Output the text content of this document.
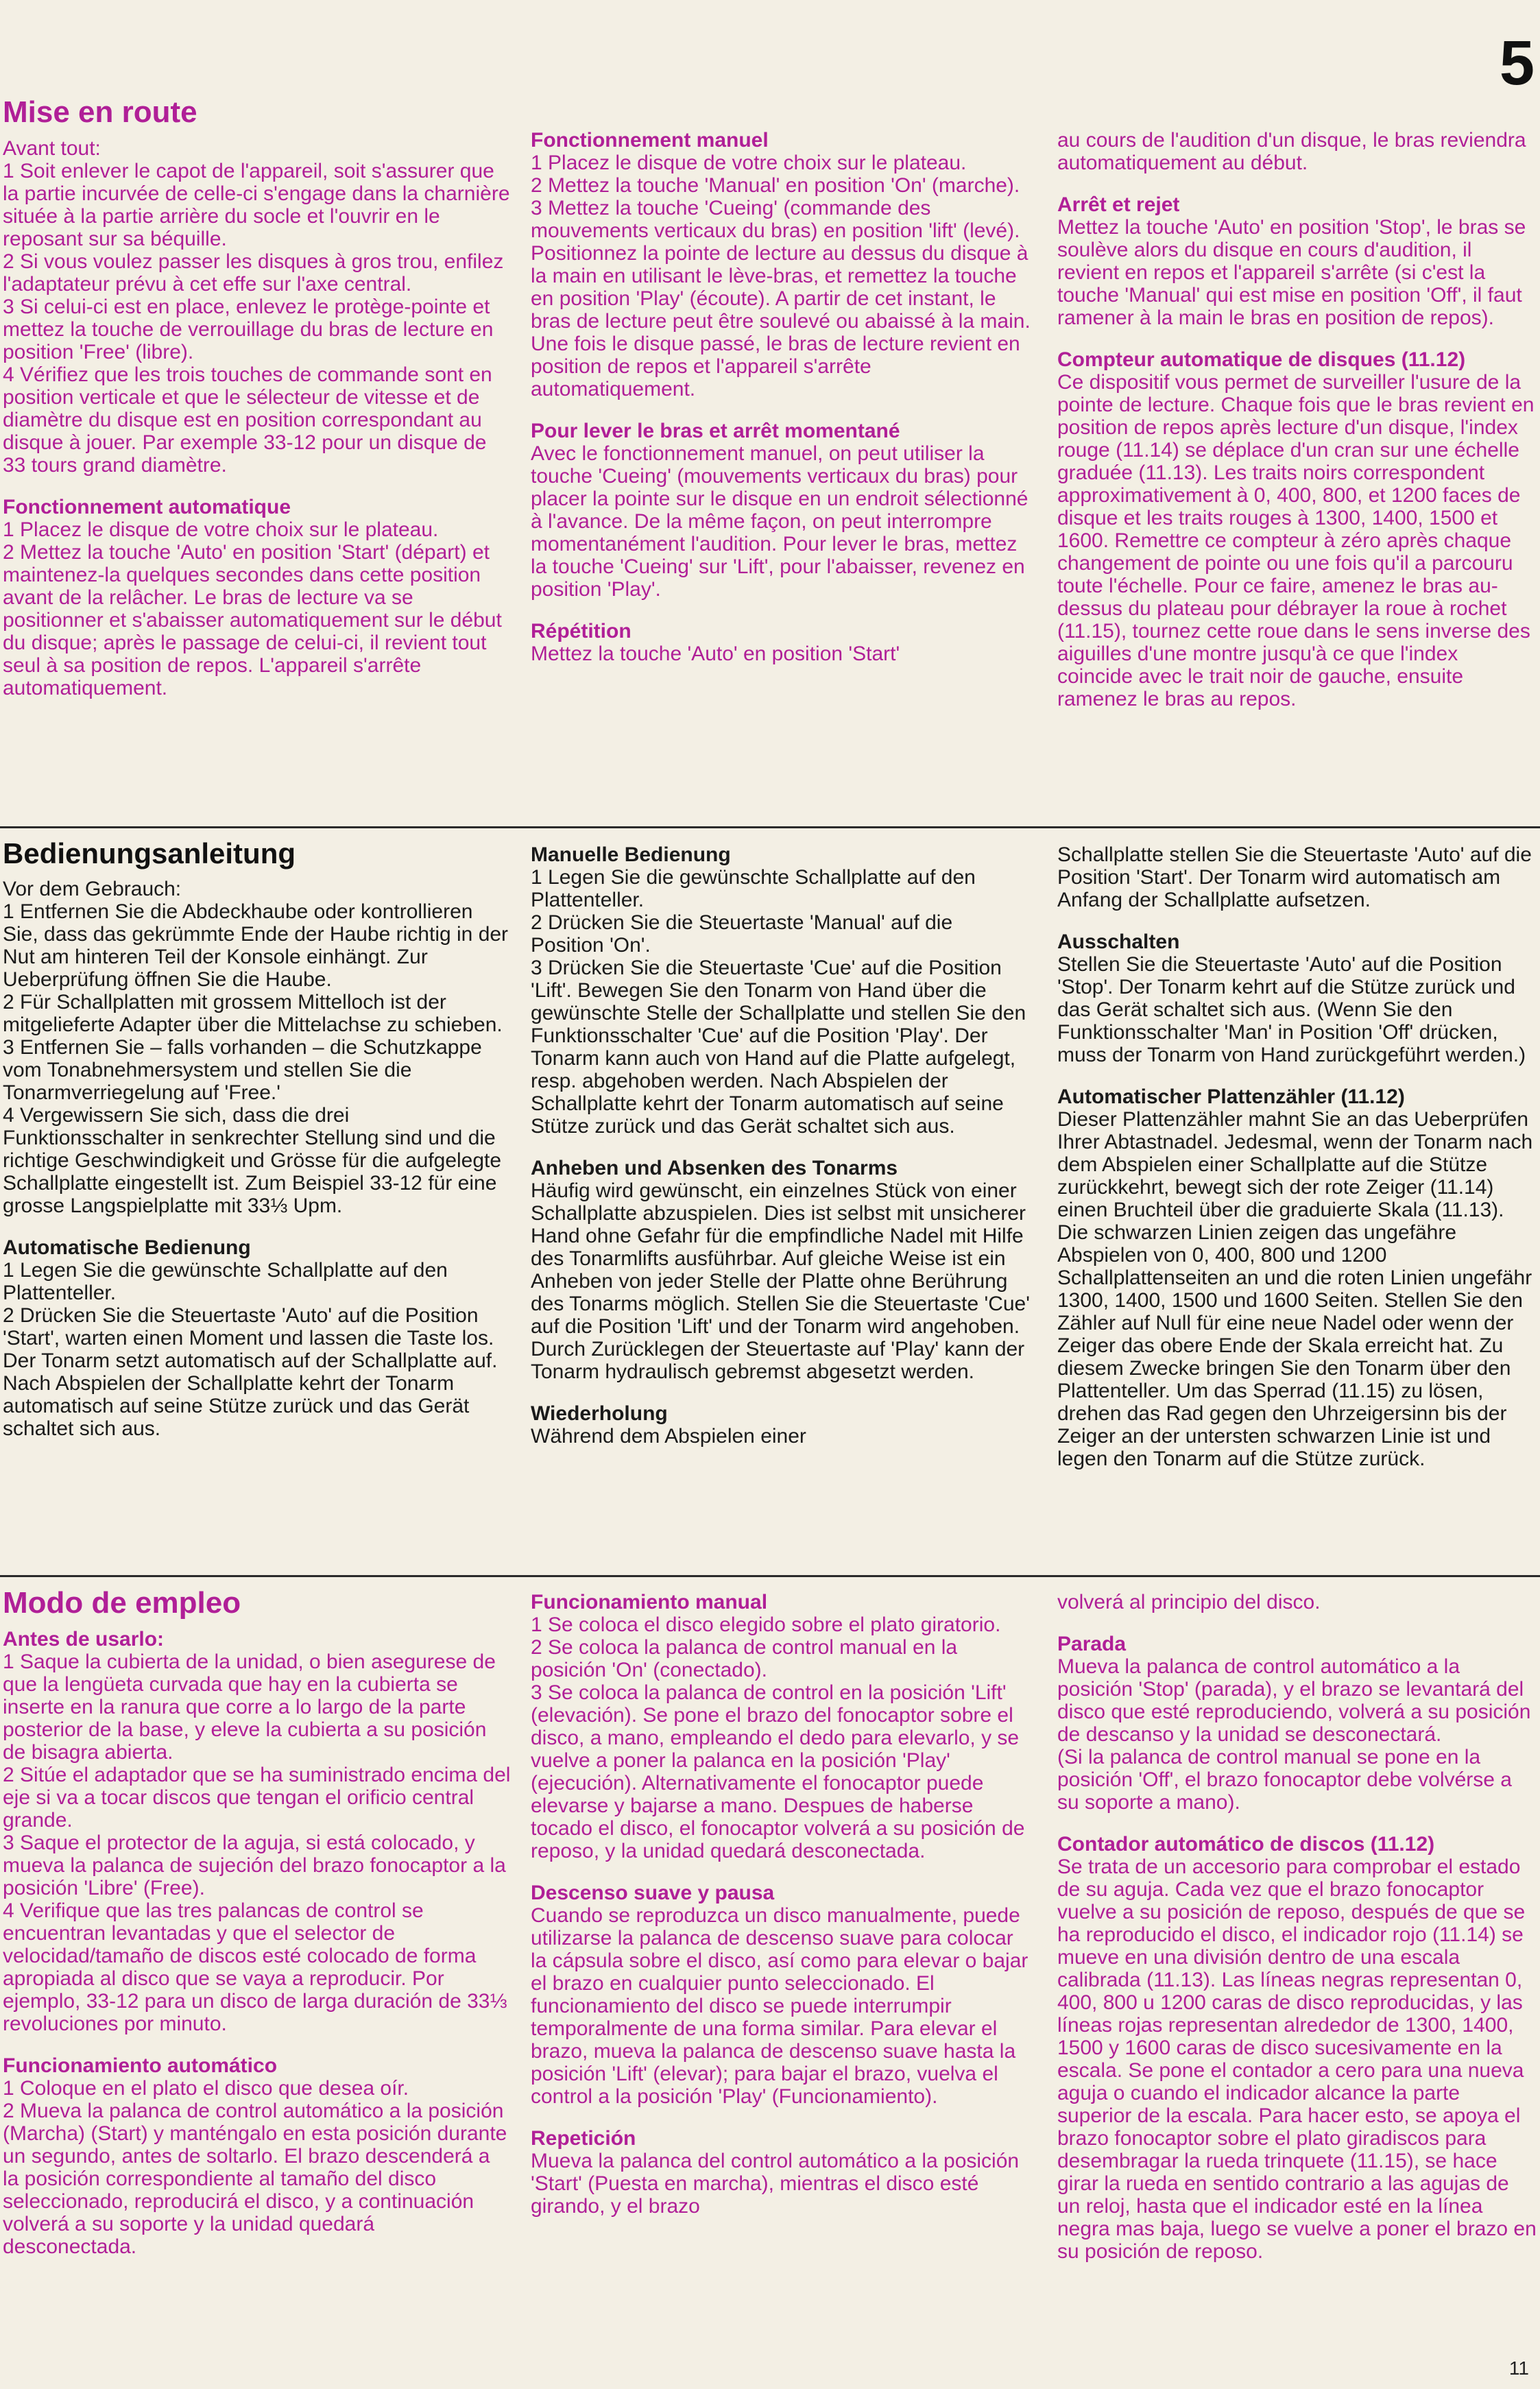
5
Mise en route

Avant tout:
1 Soit enlever le capot de l'appareil, soit s'assurer que la partie incurvée de celle-ci s'engage dans la charnière située à la partie arrière du socle et l'ouvrir en le reposant sur sa béquille.
2 Si vous voulez passer les disques à gros trou, enfilez l'adaptateur prévu à cet effe sur l'axe central.
3 Si celui-ci est en place, enlevez le protège-pointe et mettez la touche de verrouillage du bras de lecture en position 'Free' (libre).
4 Vérifiez que les trois touches de commande sont en position verticale et que le sélecteur de vitesse et de diamètre du disque est en position correspondant au disque à jouer. Par exemple 33-12 pour un disque de 33 tours grand diamètre.

Fonctionnement automatique

1 Placez le disque de votre choix sur le plateau.
2 Mettez la touche 'Auto' en position 'Start' (départ) et maintenez-la quelques secondes dans cette position avant de la relâcher. Le bras de lecture va se positionner et s'abaisser automatiquement sur le début du disque; après le passage de celui-ci, il revient tout seul à sa position de repos. L'appareil s'arrête automatiquement.

Fonctionnement manuel

1 Placez le disque de votre choix sur le plateau.
2 Mettez la touche 'Manual' en position 'On' (marche).
3 Mettez la touche 'Cueing' (commande des mouvements verticaux du bras) en position 'lift' (levé). Positionnez la pointe de lecture au dessus du disque à la main en utilisant le lève-bras, et remettez la touche en position 'Play' (écoute). A partir de cet instant, le bras de lecture peut être soulevé ou abaissé à la main. Une fois le disque passé, le bras de lecture revient en position de repos et l'appareil s'arrête automatiquement.

Pour lever le bras et arrêt momentané

Avec le fonctionnement manuel, on peut utiliser la touche 'Cueing' (mouvements verticaux du bras) pour placer la pointe sur le disque en un endroit sélectionné à l'avance. De la même façon, on peut interrompre momentanément l'audition. Pour lever le bras, mettez la touche 'Cueing' sur 'Lift', pour l'abaisser, revenez en position 'Play'.

Répétition

Mettez la touche 'Auto' en position 'Start'

au cours de l'audition d'un disque, le bras reviendra automatiquement au début.

Arrêt et rejet

Mettez la touche 'Auto' en position 'Stop', le bras se soulève alors du disque en cours d'audition, il revient en repos et l'appareil s'arrête (si c'est la touche 'Manual' qui est mise en position 'Off', il faut ramener à la main le bras en position de repos).

Compteur automatique de disques (11.12)

Ce dispositif vous permet de surveiller l'usure de la pointe de lecture. Chaque fois que le bras revient en position de repos après lecture d'un disque, l'index rouge (11.14) se déplace d'un cran sur une échelle graduée (11.13). Les traits noirs correspondent approximativement à 0, 400, 800, et 1200 faces de disque et les traits rouges à 1300, 1400, 1500 et 1600. Remettre ce compteur à zéro après chaque changement de pointe ou une fois qu'il a parcouru toute l'échelle. Pour ce faire, amenez le bras au-dessus du plateau pour débrayer la roue à rochet (11.15), tournez cette roue dans le sens inverse des aiguilles d'une montre jusqu'à ce que l'index coincide avec le trait noir de gauche, ensuite ramenez le bras au repos.

Bedienungsanleitung

Vor dem Gebrauch:
1 Entfernen Sie die Abdeckhaube oder kontrollieren Sie, dass das gekrümmte Ende der Haube richtig in der Nut am hinteren Teil der Konsole einhängt. Zur Ueberprüfung öffnen Sie die Haube.
2 Für Schallplatten mit grossem Mittelloch ist der mitgelieferte Adapter über die Mittelachse zu schieben.
3 Entfernen Sie – falls vorhanden – die Schutzkappe vom Tonabnehmersystem und stellen Sie die Tonarmverriegelung auf 'Free.'
4 Vergewissern Sie sich, dass die drei Funktionsschalter in senkrechter Stellung sind und die richtige Geschwindigkeit und Grösse für die aufgelegte Schallplatte eingestellt ist. Zum Beispiel 33-12 für eine grosse Langspielplatte mit 33⅓ Upm.

Automatische Bedienung

1 Legen Sie die gewünschte Schallplatte auf den Plattenteller.
2 Drücken Sie die Steuertaste 'Auto' auf die Position 'Start', warten einen Moment und lassen die Taste los. Der Tonarm setzt automatisch auf der Schallplatte auf. Nach Abspielen der Schallplatte kehrt der Tonarm automatisch auf seine Stütze zurück und das Gerät schaltet sich aus.

Manuelle Bedienung

1 Legen Sie die gewünschte Schallplatte auf den Plattenteller.
2 Drücken Sie die Steuertaste 'Manual' auf die Position 'On'.
3 Drücken Sie die Steuertaste 'Cue' auf die Position 'Lift'. Bewegen Sie den Tonarm von Hand über die gewünschte Stelle der Schallplatte und stellen Sie den Funktionsschalter 'Cue' auf die Position 'Play'. Der Tonarm kann auch von Hand auf die Platte aufgelegt, resp. abgehoben werden. Nach Abspielen der Schallplatte kehrt der Tonarm automatisch auf seine Stütze zurück und das Gerät schaltet sich aus.

Anheben und Absenken des Tonarms

Häufig wird gewünscht, ein einzelnes Stück von einer Schallplatte abzuspielen. Dies ist selbst mit unsicherer Hand ohne Gefahr für die empfindliche Nadel mit Hilfe des Tonarmlifts ausführbar. Auf gleiche Weise ist ein Anheben von jeder Stelle der Platte ohne Berührung des Tonarms möglich. Stellen Sie die Steuertaste 'Cue' auf die Position 'Lift' und der Tonarm wird angehoben. Durch Zurücklegen der Steuertaste auf 'Play' kann der Tonarm hydraulisch gebremst abgesetzt werden.

Wiederholung

Während dem Abspielen einer

Schallplatte stellen Sie die Steuertaste 'Auto' auf die Position 'Start'. Der Tonarm wird automatisch am Anfang der Schallplatte aufsetzen.

Ausschalten

Stellen Sie die Steuertaste 'Auto' auf die Position 'Stop'. Der Tonarm kehrt auf die Stütze zurück und das Gerät schaltet sich aus. (Wenn Sie den Funktionsschalter 'Man' in Position 'Off' drücken, muss der Tonarm von Hand zurückgeführt werden.)

Automatischer Plattenzähler (11.12)

Dieser Plattenzähler mahnt Sie an das Ueberprüfen Ihrer Abtastnadel. Jedesmal, wenn der Tonarm nach dem Abspielen einer Schallplatte auf die Stütze zurückkehrt, bewegt sich der rote Zeiger (11.14) einen Bruchteil über die graduierte Skala (11.13). Die schwarzen Linien zeigen das ungefähre Abspielen von 0, 400, 800 und 1200 Schallplattenseiten an und die roten Linien ungefähr 1300, 1400, 1500 und 1600 Seiten. Stellen Sie den Zähler auf Null für eine neue Nadel oder wenn der Zeiger das obere Ende der Skala erreicht hat. Zu diesem Zwecke bringen Sie den Tonarm über den Plattenteller. Um das Sperrad (11.15) zu lösen, drehen das Rad gegen den Uhrzeigersinn bis der Zeiger an der untersten schwarzen Linie ist und legen den Tonarm auf die Stütze zurück.

Modo de empleo

Antes de usarlo:

1 Saque la cubierta de la unidad, o bien asegurese de que la lengüeta curvada que hay en la cubierta se inserte en la ranura que corre a lo largo de la parte posterior de la base, y eleve la cubierta a su posición de bisagra abierta.
2 Sitúe el adaptador que se ha suministrado encima del eje si va a tocar discos que tengan el orificio central grande.
3 Saque el protector de la aguja, si está colocado, y mueva la palanca de sujeción del brazo fonocaptor a la posición 'Libre' (Free).
4 Verifique que las tres palancas de control se encuentran levantadas y que el selector de velocidad/tamaño de discos esté colocado de forma apropiada al disco que se vaya a reproducir. Por ejemplo, 33-12 para un disco de larga duración de 33⅓ revoluciones por minuto.

Funcionamiento automático

1 Coloque en el plato el disco que desea oír.
2 Mueva la palanca de control automático a la posición (Marcha) (Start) y manténgalo en esta posición durante un segundo, antes de soltarlo. El brazo descenderá a la posición correspondiente al tamaño del disco seleccionado, reproducirá el disco, y a continuación volverá a su soporte y la unidad quedará desconectada.

Funcionamiento manual

1 Se coloca el disco elegido sobre el plato giratorio.
2 Se coloca la palanca de control manual en la posición 'On' (conectado).
3 Se coloca la palanca de control en la posición 'Lift' (elevación). Se pone el brazo del fonocaptor sobre el disco, a mano, empleando el dedo para elevarlo, y se vuelve a poner la palanca en la posición 'Play' (ejecución). Alternativamente el fonocaptor puede elevarse y bajarse a mano. Despues de haberse tocado el disco, el fonocaptor volverá a su posición de reposo, y la unidad quedará desconectada.

Descenso suave y pausa

Cuando se reproduzca un disco manualmente, puede utilizarse la palanca de descenso suave para colocar la cápsula sobre el disco, así como para elevar o bajar el brazo en cualquier punto seleccionado. El funcionamiento del disco se puede interrumpir temporalmente de una forma similar. Para elevar el brazo, mueva la palanca de descenso suave hasta la posición 'Lift' (elevar); para bajar el brazo, vuelva el control a la posición 'Play' (Funcionamiento).

Repetición

Mueva la palanca del control automático a la posición 'Start' (Puesta en marcha), mientras el disco esté girando, y el brazo

volverá al principio del disco.

Parada

Mueva la palanca de control automático a la posición 'Stop' (parada), y el brazo se levantará del disco que esté reproduciendo, volverá a su posición de descanso y la unidad se desconectará.
(Si la palanca de control manual se pone en la posición 'Off', el brazo fonocaptor debe volvérse a su soporte a mano).

Contador automático de discos (11.12)

Se trata de un accesorio para comprobar el estado de su aguja. Cada vez que el brazo fonocaptor vuelve a su posición de reposo, después de que se ha reproducido el disco, el indicador rojo (11.14) se mueve en una división dentro de una escala calibrada (11.13). Las líneas negras representan 0, 400, 800 u 1200 caras de disco reproducidas, y las líneas rojas representan alrededor de 1300, 1400, 1500 y 1600 caras de disco sucesivamente en la escala. Se pone el contador a cero para una nueva aguja o cuando el indicador alcance la parte superior de la escala. Para hacer esto, se apoya el brazo fonocaptor sobre el plato giradiscos para desembragar la rueda trinquete (11.15), se hace girar la rueda en sentido contrario a las agujas de un reloj, hasta que el indicador esté en la línea negra mas baja, luego se vuelve a poner el brazo en su posición de reposo.

11
